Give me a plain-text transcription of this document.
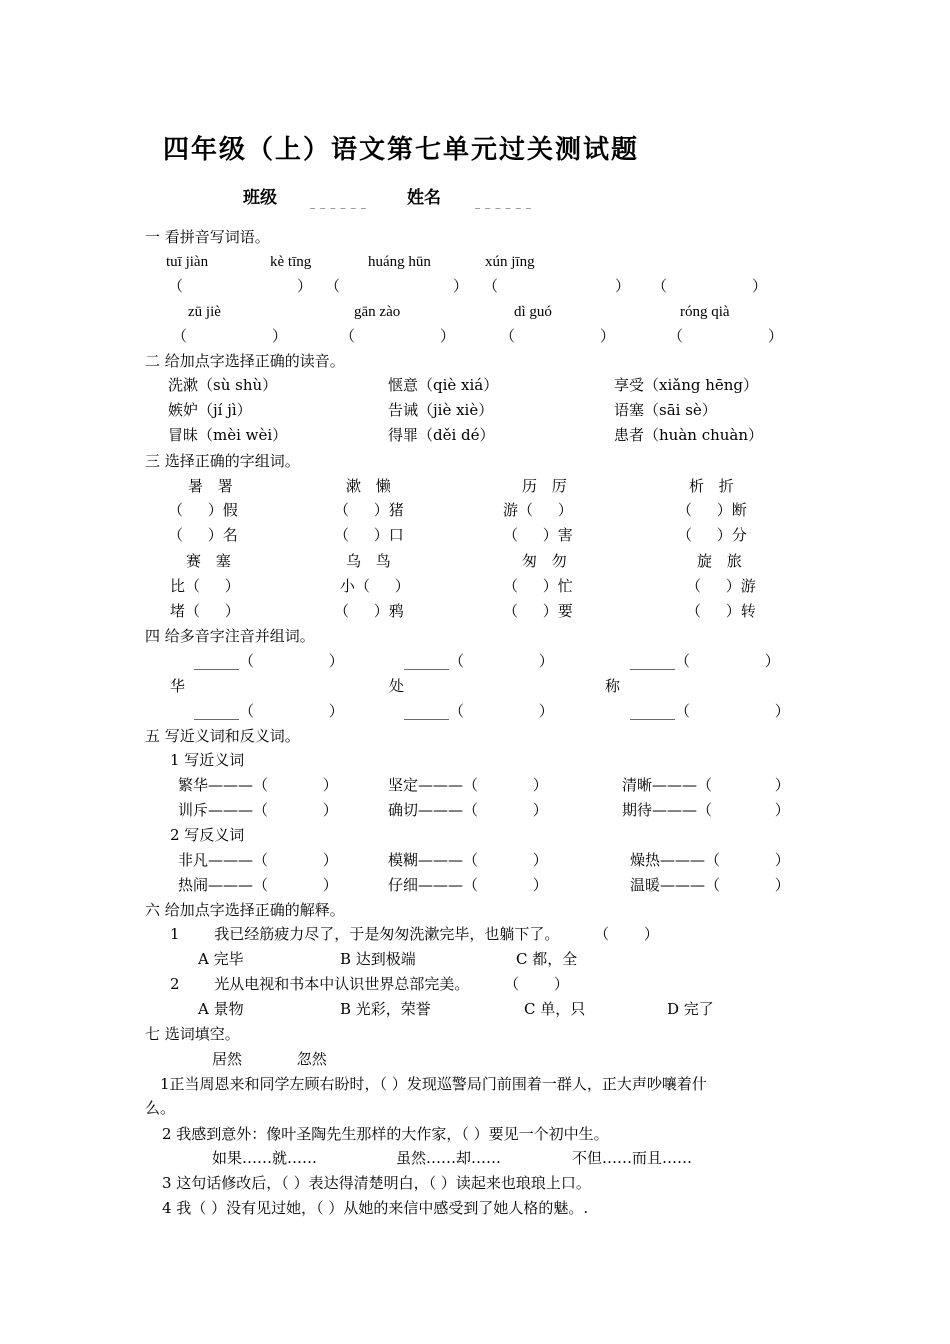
四年级（上）语文第七单元过关测试题
班级	_ _ _ _ _ _ 姓名	_ _ _ _ _ _
一 看拼音写词语。
tuī jiàn	kè tīng	huáng hūn	xún jīng
（	） （	） （	） （	）
zū jiè	gān zào	dì guó	róng qià
（	）	（	）	（	）	（	）
二 给加点字选择正确的读音。
洗漱（sù shù）	惬意（qiè xiá）	享受（xiǎng hēng）
嫉妒（jí jì）	告诫（jiè xiè）	语塞（sāi sè）
冒昧（mèi wèi）	得罪（děi dé）	患者（huàn chuàn）
三 选择正确的字组词。
暑 署	漱 懒	历 厉	析 折
（ ）假	（ ）猪	游（ ）	（ ）断
（ ）名	（ ）口	（ ）害	（ ）分
赛 塞	乌 鸟	匆 勿	旋 旅
比（ ）	小（ ）	（ ）忙	（ ）游
堵（ ）	（ ）鸦	（ ）要	（ ）转
四 给多音字注音并组词。
______（ ）	______（ ）	______（ ）
华	处	称
______（ ）	______（ ）	______（ ）
五 写近义词和反义词。
1 写近义词
繁华———（ ）	坚定———（ ）	清晰———（ ）
训斥———（ ）	确切———（ ）	期待———（ ）
2 写反义词
非凡———（ ）	模糊———（ ）	燥热———（ ）
热闹———（ ）	仔细———（ ）	温暖———（ ）
六 给加点字选择正确的解释。
1 我已经筋疲力尽了，于是匆匆洗漱完毕，也躺下了。 （ ）
A 完毕	B 达到极端	C 都，全
2 光从电视和书本中认识世界总部完美。 （ ）
A 景物	B 光彩，荣誉	C 单，只	D 完了
七 选词填空。
居然 忽然
1正当周恩来和同学左顾右盼时，（ ）发现巡警局门前围着一群人，正大声吵嚷着什
么。
2 我感到意外：像叶圣陶先生那样的大作家，（ ）要见一个初中生。
如果……就……	虽然……却……	不但……而且……
3 这句话修改后，（ ）表达得清楚明白，（ ）读起来也琅琅上口。
4 我（ ）没有见过她，（ ）从她的来信中感受到了她人格的魅。.
